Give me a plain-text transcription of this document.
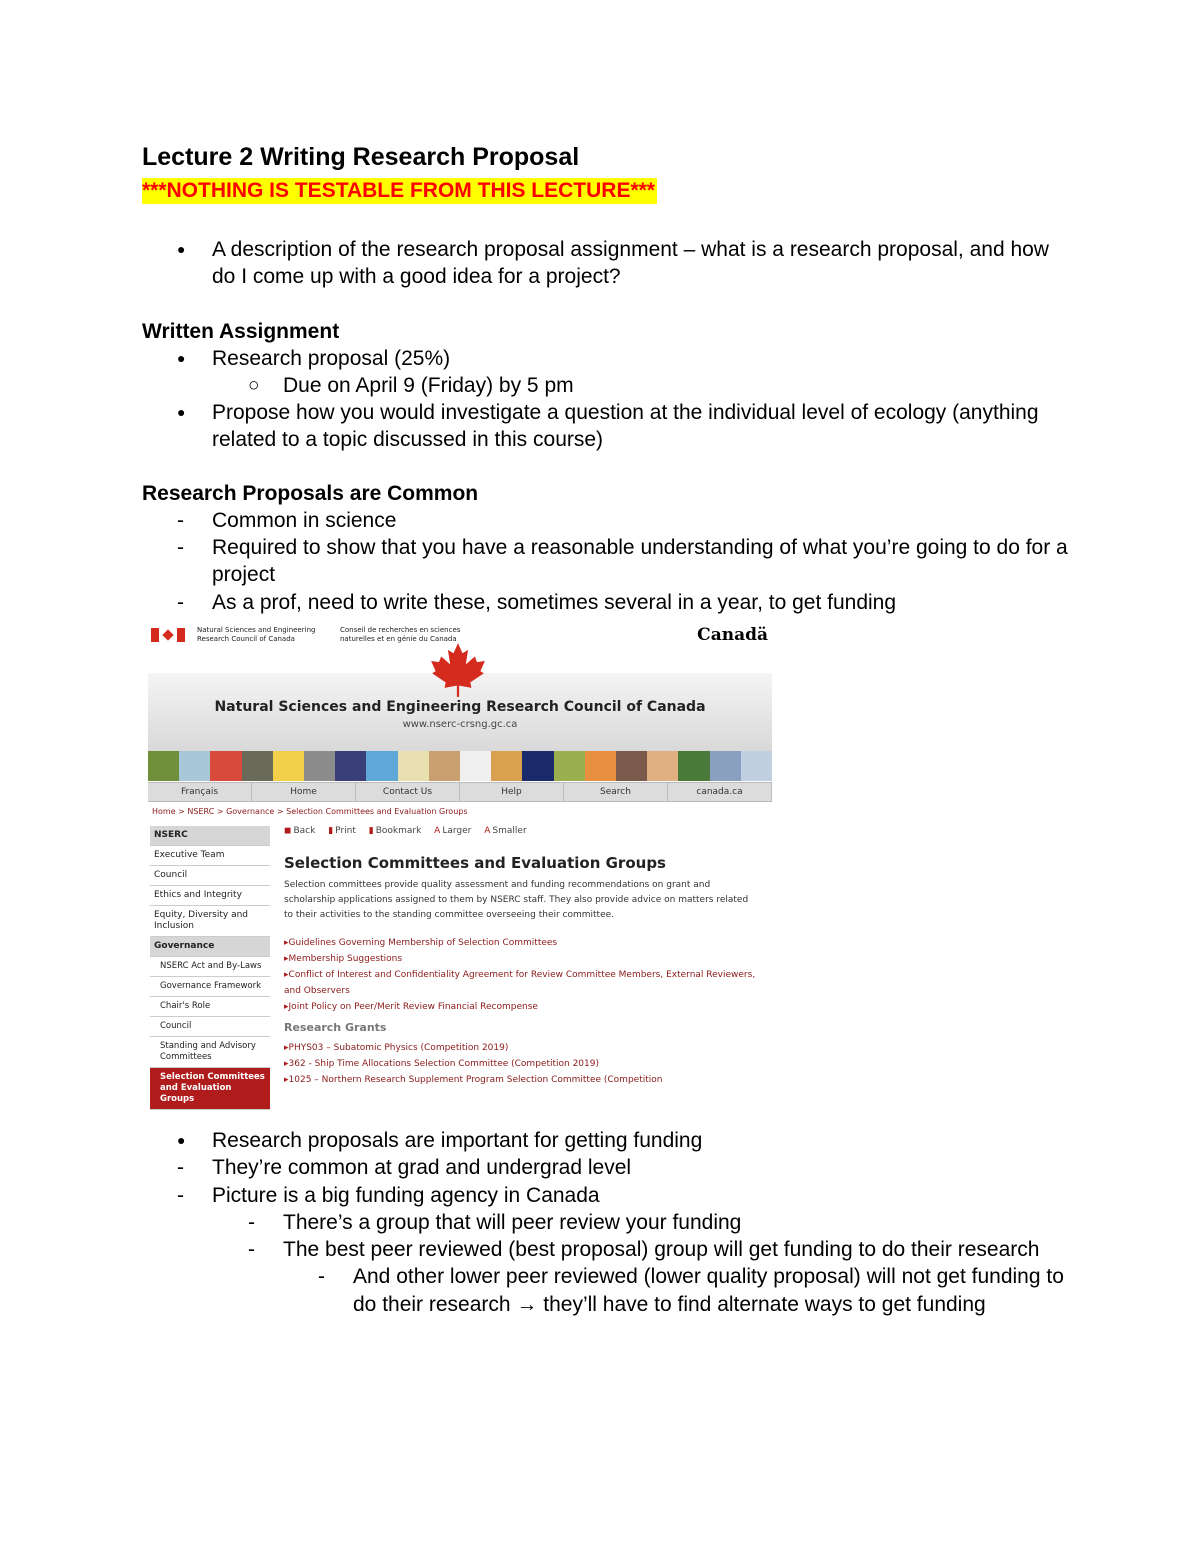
Lecture 2 Writing Research Proposal
***NOTHING IS TESTABLE FROM THIS LECTURE***
● A description of the research proposal assignment – what is a research proposal, and how do I come up with a good idea for a project?
Written Assignment
● Research proposal (25%)
○ Due on April 9 (Friday) by 5 pm
● Propose how you would investigate a question at the individual level of ecology (anything related to a topic discussed in this course)
Research Proposals are Common
- Common in science
- Required to show that you have a reasonable understanding of what you’re going to do for a project
- As a prof, need to write these, sometimes several in a year, to get funding
Natural Sciences and Engineering
Research Council of Canada
Conseil de recherches en sciences
naturelles et en génie du Canada	Canadä
Natural Sciences and Engineering Research Council of Canada
www.nserc-crsng.gc.ca
Français	Home	Contact Us	Help	Search	canada.ca
Home > NSERC > Governance > Selection Committees and Evaluation Groups
NSERC
Executive Team
Council
Ethics and Integrity
Equity, Diversity and Inclusion
Governance
NSERC Act and By-Laws
Governance Framework
Chair's Role
Council
Standing and Advisory Committees
Selection Committees and Evaluation Groups
◼ Back ▮ Print ▮ Bookmark A Larger A Smaller
Selection Committees and Evaluation Groups
Selection committees provide quality assessment and funding recommendations on grant and scholarship applications assigned to them by NSERC staff. They also provide advice on matters related to their activities to the standing committee overseeing their committee.
▸Guidelines Governing Membership of Selection Committees
▸Membership Suggestions
▸Conflict of Interest and Confidentiality Agreement for Review Committee Members, External Reviewers, and Observers
▸Joint Policy on Peer/Merit Review Financial Recompense
Research Grants
▸PHYS03 – Subatomic Physics (Competition 2019)
▸362 - Ship Time Allocations Selection Committee (Competition 2019)
▸1025 – Northern Research Supplement Program Selection Committee (Competition
● Research proposals are important for getting funding
- They’re common at grad and undergrad level
- Picture is a big funding agency in Canada
- There’s a group that will peer review your funding
- The best peer reviewed (best proposal) group will get funding to do their research
- And other lower peer reviewed (lower quality proposal) will not get funding to do their research → they’ll have to find alternate ways to get funding
